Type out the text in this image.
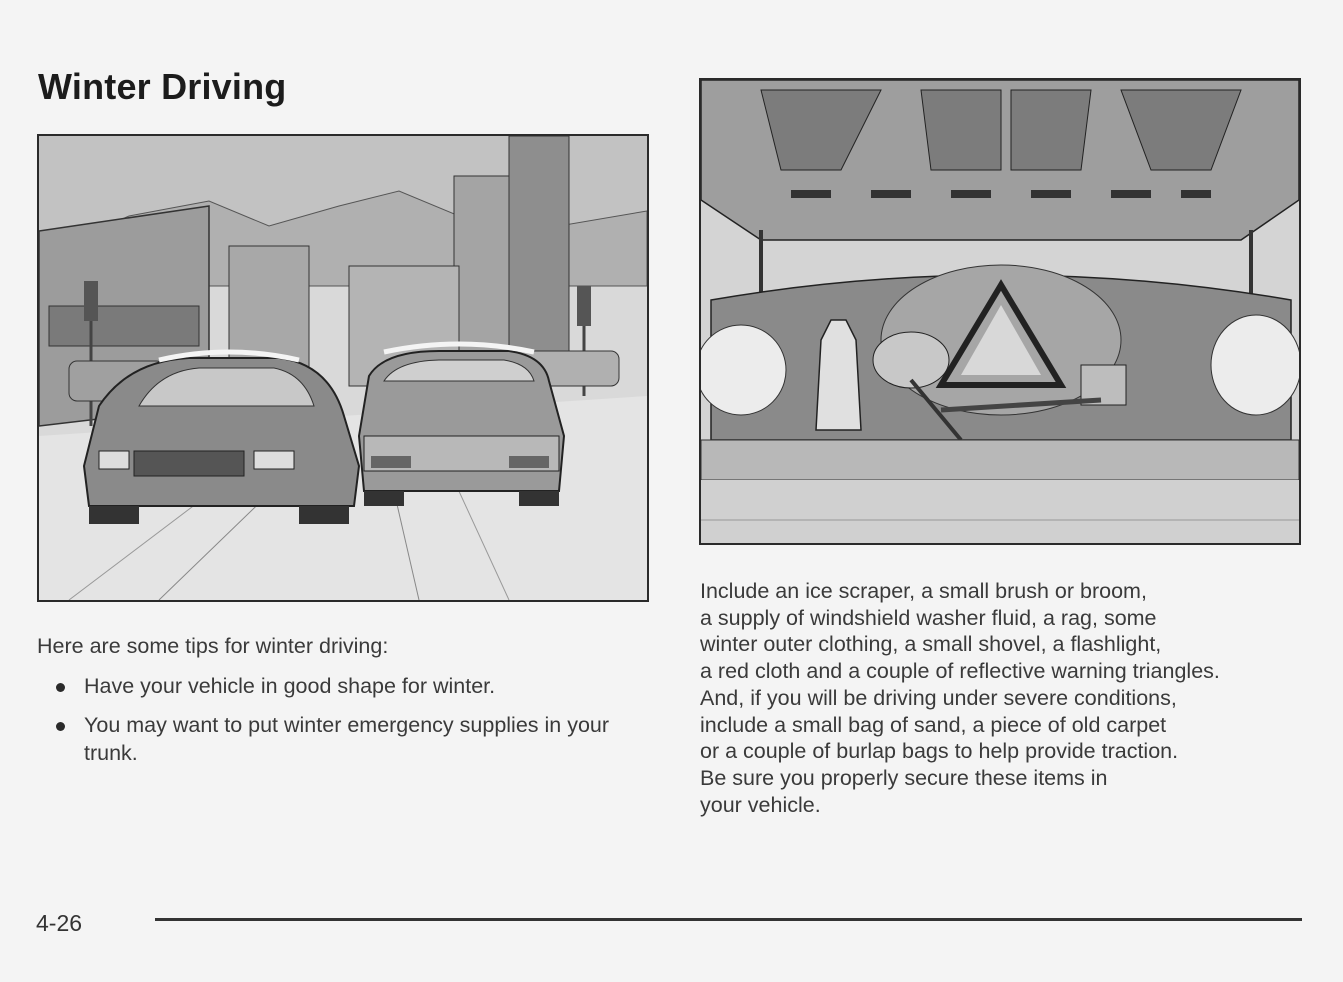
Winter Driving
Here are some tips for winter driving:
Have your vehicle in good shape for winter.
You may want to put winter emergency supplies in your trunk.
Include an ice scraper, a small brush or broom,
a supply of windshield washer fluid, a rag, some
winter outer clothing, a small shovel, a flashlight,
a red cloth and a couple of reflective warning triangles.
And, if you will be driving under severe conditions,
include a small bag of sand, a piece of old carpet
or a couple of burlap bags to help provide traction.
Be sure you properly secure these items in
your vehicle.
4-26
